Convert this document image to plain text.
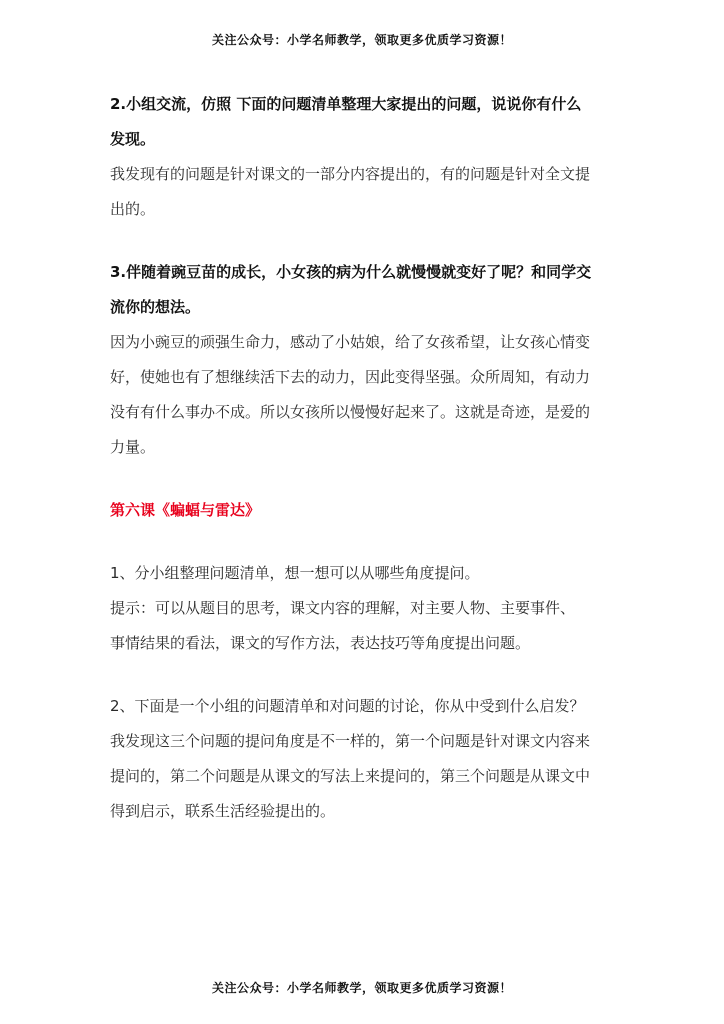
关注公众号：小学名师教学，领取更多优质学习资源！
2.小组交流，仿照 下面的问题清单整理大家提出的问题，说说你有什么
发现。
我发现有的问题是针对课文的一部分内容提出的，有的问题是针对全文提
出的。
3.伴随着豌豆苗的成长，小女孩的病为什么就慢慢就变好了呢？和同学交
流你的想法。
因为小豌豆的顽强生命力，感动了小姑娘，给了女孩希望，让女孩心情变
好，使她也有了想继续活下去的动力，因此变得坚强。众所周知，有动力
没有有什么事办不成。所以女孩所以慢慢好起来了。这就是奇迹，是爱的
力量。
第六课《蝙蝠与雷达》
1、分小组整理问题清单，想一想可以从哪些角度提问。
提示：可以从题目的思考，课文内容的理解，对主要人物、主要事件、
事情结果的看法，课文的写作方法，表达技巧等角度提出问题。
2、下面是一个小组的问题清单和对问题的讨论，你从中受到什么启发？
我发现这三个问题的提问角度是不一样的，第一个问题是针对课文内容来
提问的，第二个问题是从课文的写法上来提问的，第三个问题是从课文中
得到启示，联系生活经验提出的。
关注公众号：小学名师教学，领取更多优质学习资源！
